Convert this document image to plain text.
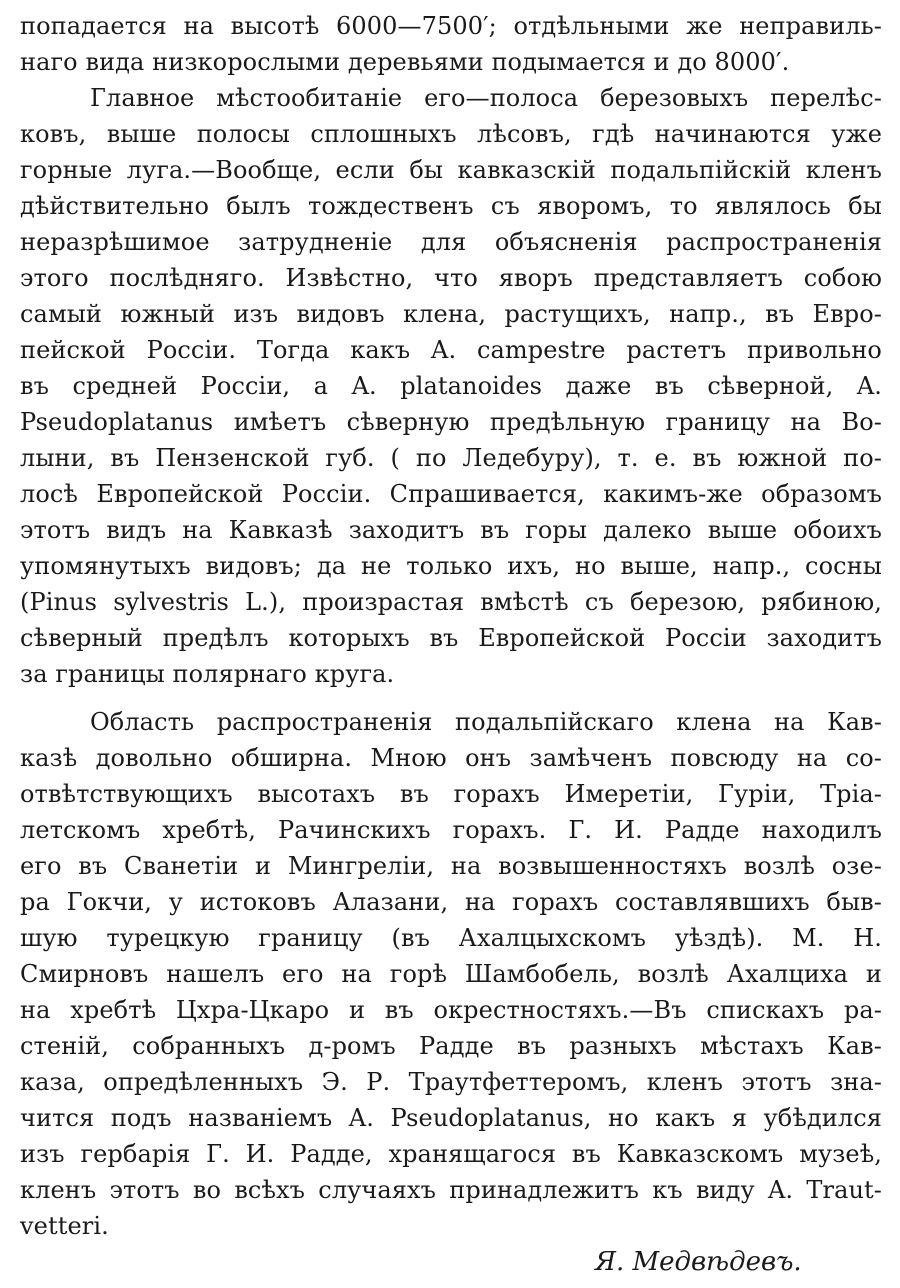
попадается на высотѣ 6000—7500′; отдѣльными же неправиль-
наго вида низкорослыми деревьями подымается и до 8000′.
Главное мѣстообитаніе его—полоса березовыхъ перелѣс-
ковъ, выше полосы сплошныхъ лѣсовъ, гдѣ начинаются уже
горные луга.—Вообще, если бы кавказскій подальпійскій кленъ
дѣйствительно былъ тождественъ съ яворомъ, то являлось бы
неразрѣшимое затрудненіе для объясненія распространенія
этого послѣдняго. Извѣстно, что яворъ представляетъ собою
самый южный изъ видовъ клена, растущихъ, напр., въ Евро-
пейской Россіи. Тогда какъ A. campestre растетъ привольно
въ средней Россіи, а A. platanoides даже въ сѣверной, A.
Pseudoplatanus имѣетъ сѣверную предѣльную границу на Во-
лыни, въ Пензенской губ. ( по Ледебуру), т. е. въ южной по-
лосѣ Европейской Россіи. Спрашивается, какимъ-же образомъ
этотъ видъ на Кавказѣ заходитъ въ горы далеко выше обоихъ
упомянутыхъ видовъ; да не только ихъ, но выше, напр., сосны
(Pinus sylvestris L.), произрастая вмѣстѣ съ березою, рябиною,
сѣверный предѣлъ которыхъ въ Европейской Россіи заходитъ
за границы полярнаго круга.
Область распространенія подальпійскаго клена на Кав-
казѣ довольно обширна. Мною онъ замѣченъ повсюду на со-
отвѣтствующихъ высотахъ въ горахъ Имеретіи, Гуріи, Тріа-
летскомъ хребтѣ, Рачинскихъ горахъ. Г. И. Радде находилъ
его въ Сванетіи и Мингреліи, на возвышенностяхъ возлѣ озе-
ра Гокчи, у истоковъ Алазани, на горахъ составлявшихъ быв-
шую турецкую границу (въ Ахалцыхскомъ уѣздѣ). М. Н.
Смирновъ нашелъ его на горѣ Шамбобель, возлѣ Ахалциха и
на хребтѣ Цхра-Цкаро и въ окрестностяхъ.—Въ спискахъ ра-
стеній, собранныхъ д-ромъ Радде въ разныхъ мѣстахъ Кав-
каза, опредѣленныхъ Э. Р. Траутфеттеромъ, кленъ этотъ зна-
чится подъ названіемъ A. Pseudoplatanus, но какъ я убѣдился
изъ гербарія Г. И. Радде, хранящагося въ Кавказскомъ музеѣ,
кленъ этотъ во всѣхъ случаяхъ принадлежитъ къ виду A. Traut-
vetteri.
Я. Медвѣдевъ.
